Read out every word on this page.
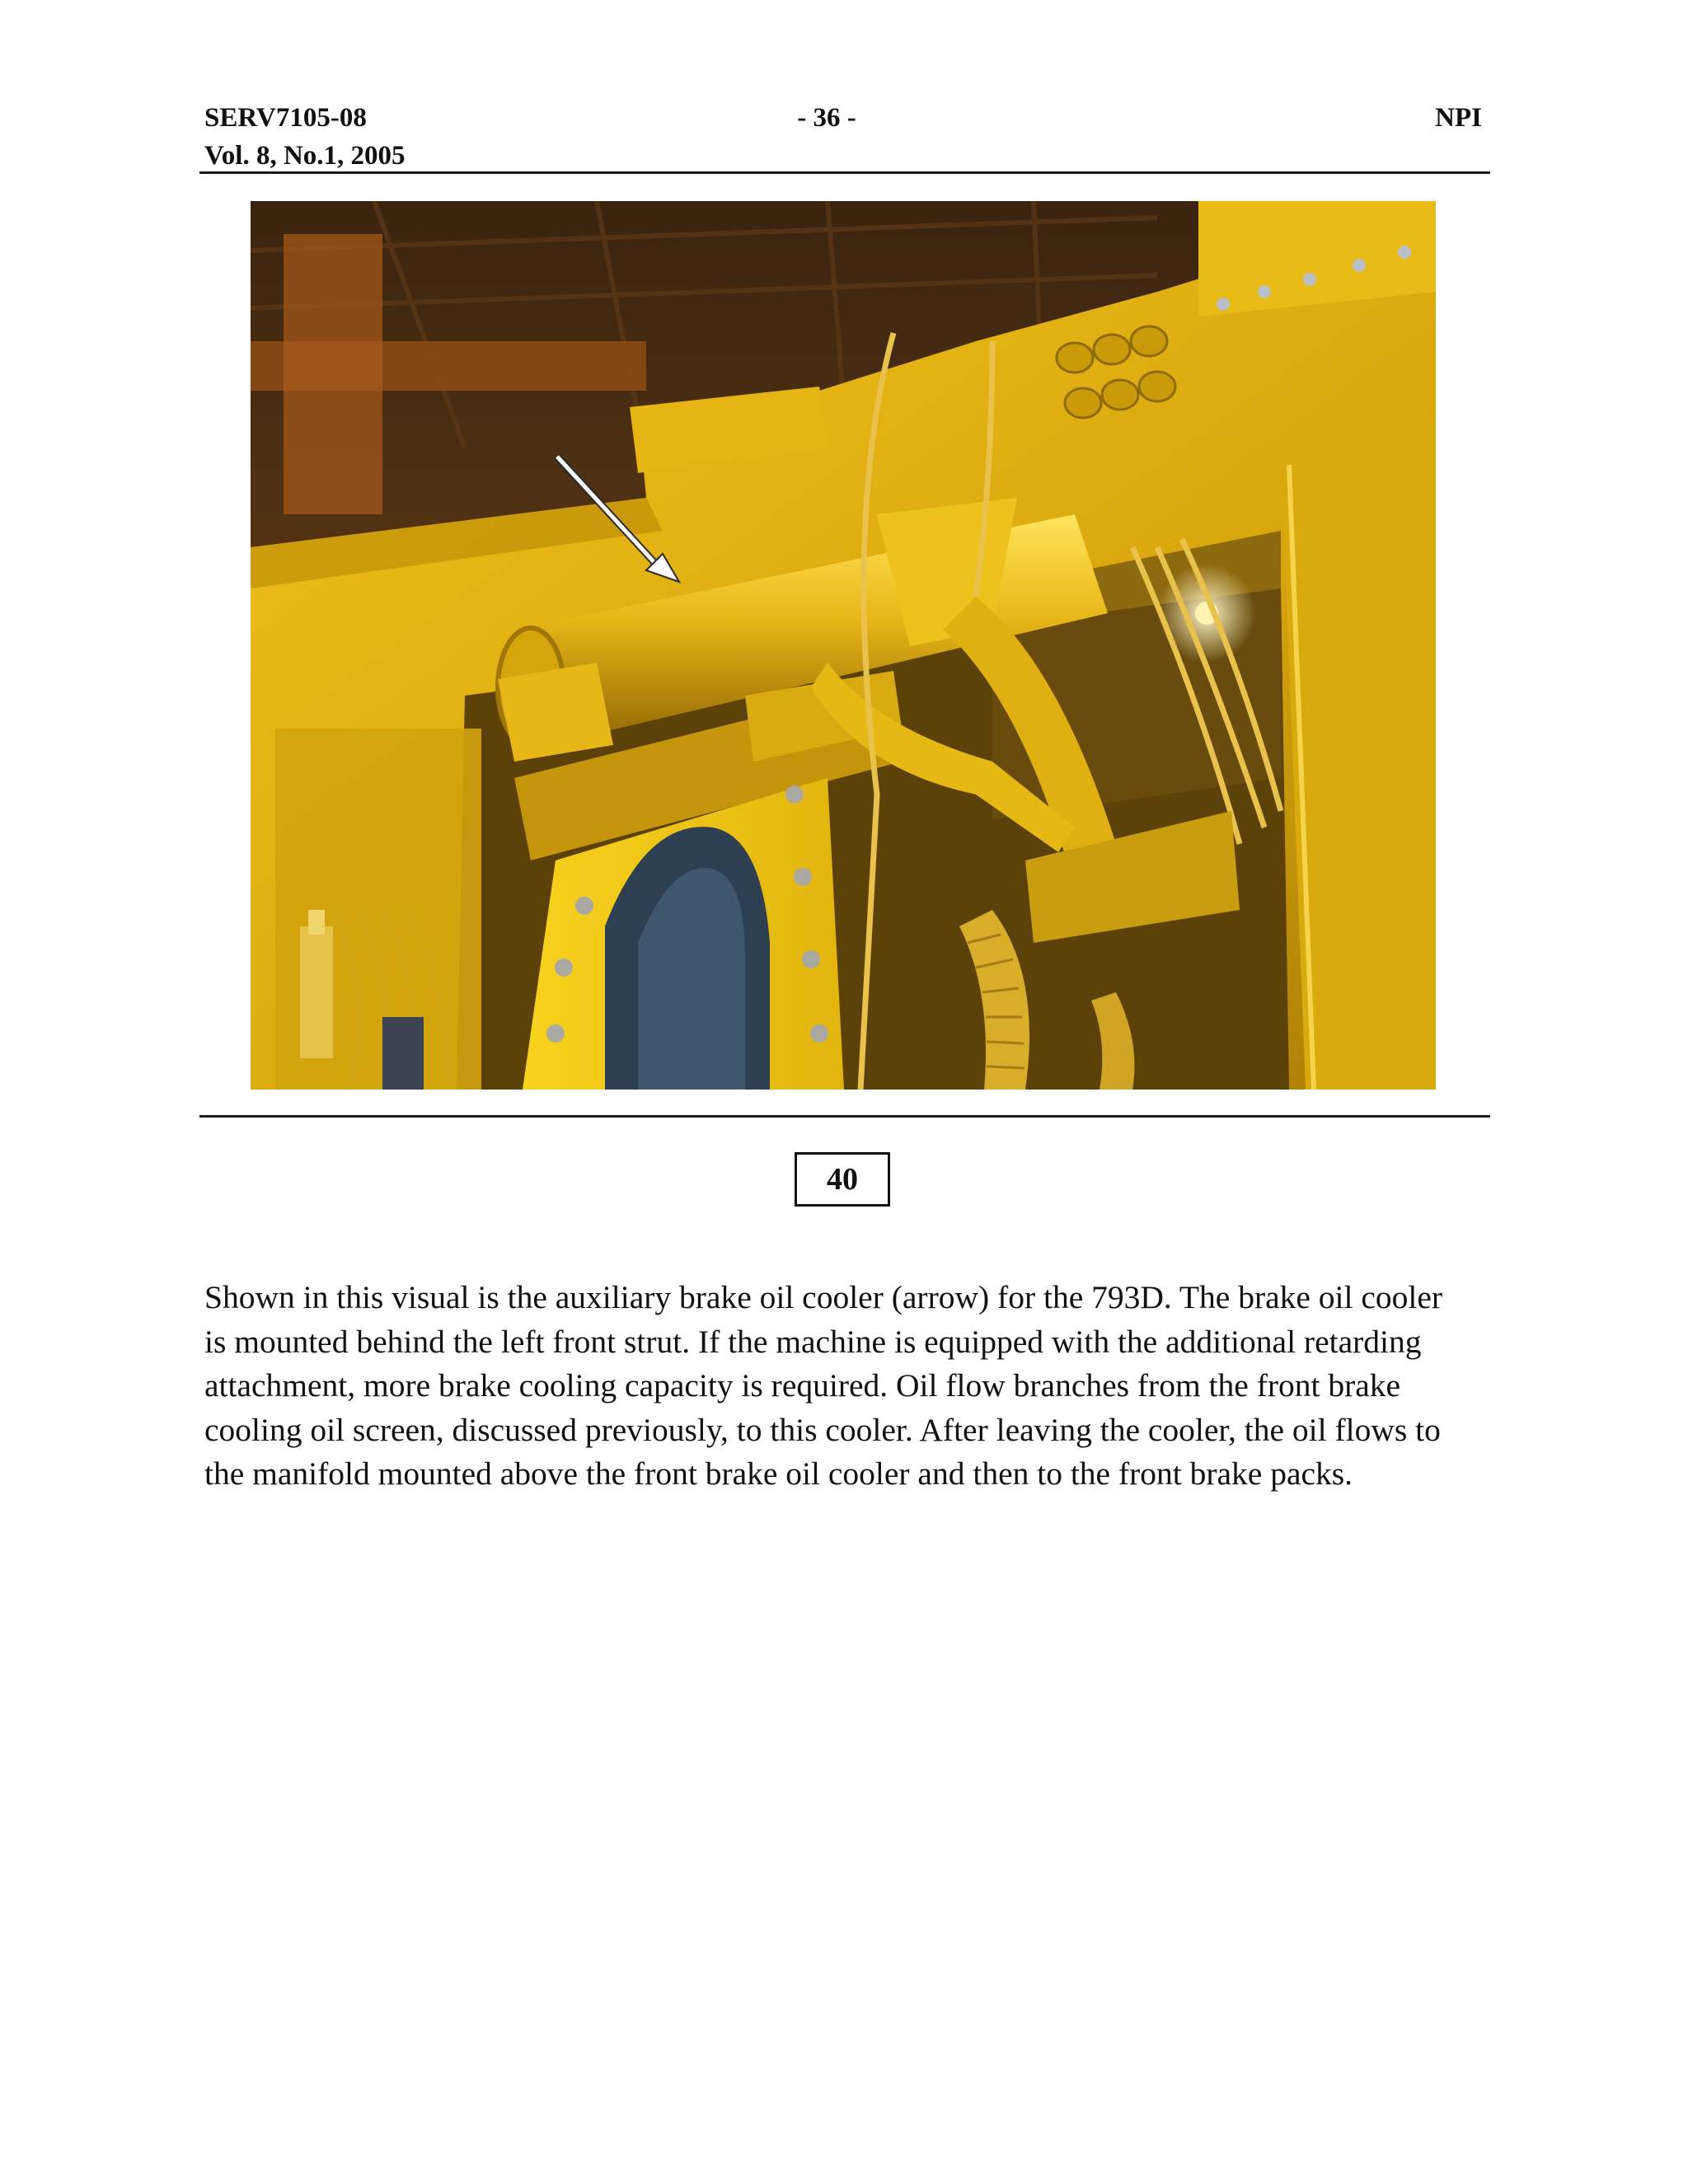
SERV7105-08
Vol. 8, No.1, 2005
- 36 -	NPI
40
Shown in this visual is the auxiliary brake oil cooler (arrow) for the 793D. The brake oil cooler
is mounted behind the left front strut. If the machine is equipped with the additional retarding
attachment, more brake cooling capacity is required. Oil flow branches from the front brake
cooling oil screen, discussed previously, to this cooler. After leaving the cooler, the oil flows to
the manifold mounted above the front brake oil cooler and then to the front brake packs.
